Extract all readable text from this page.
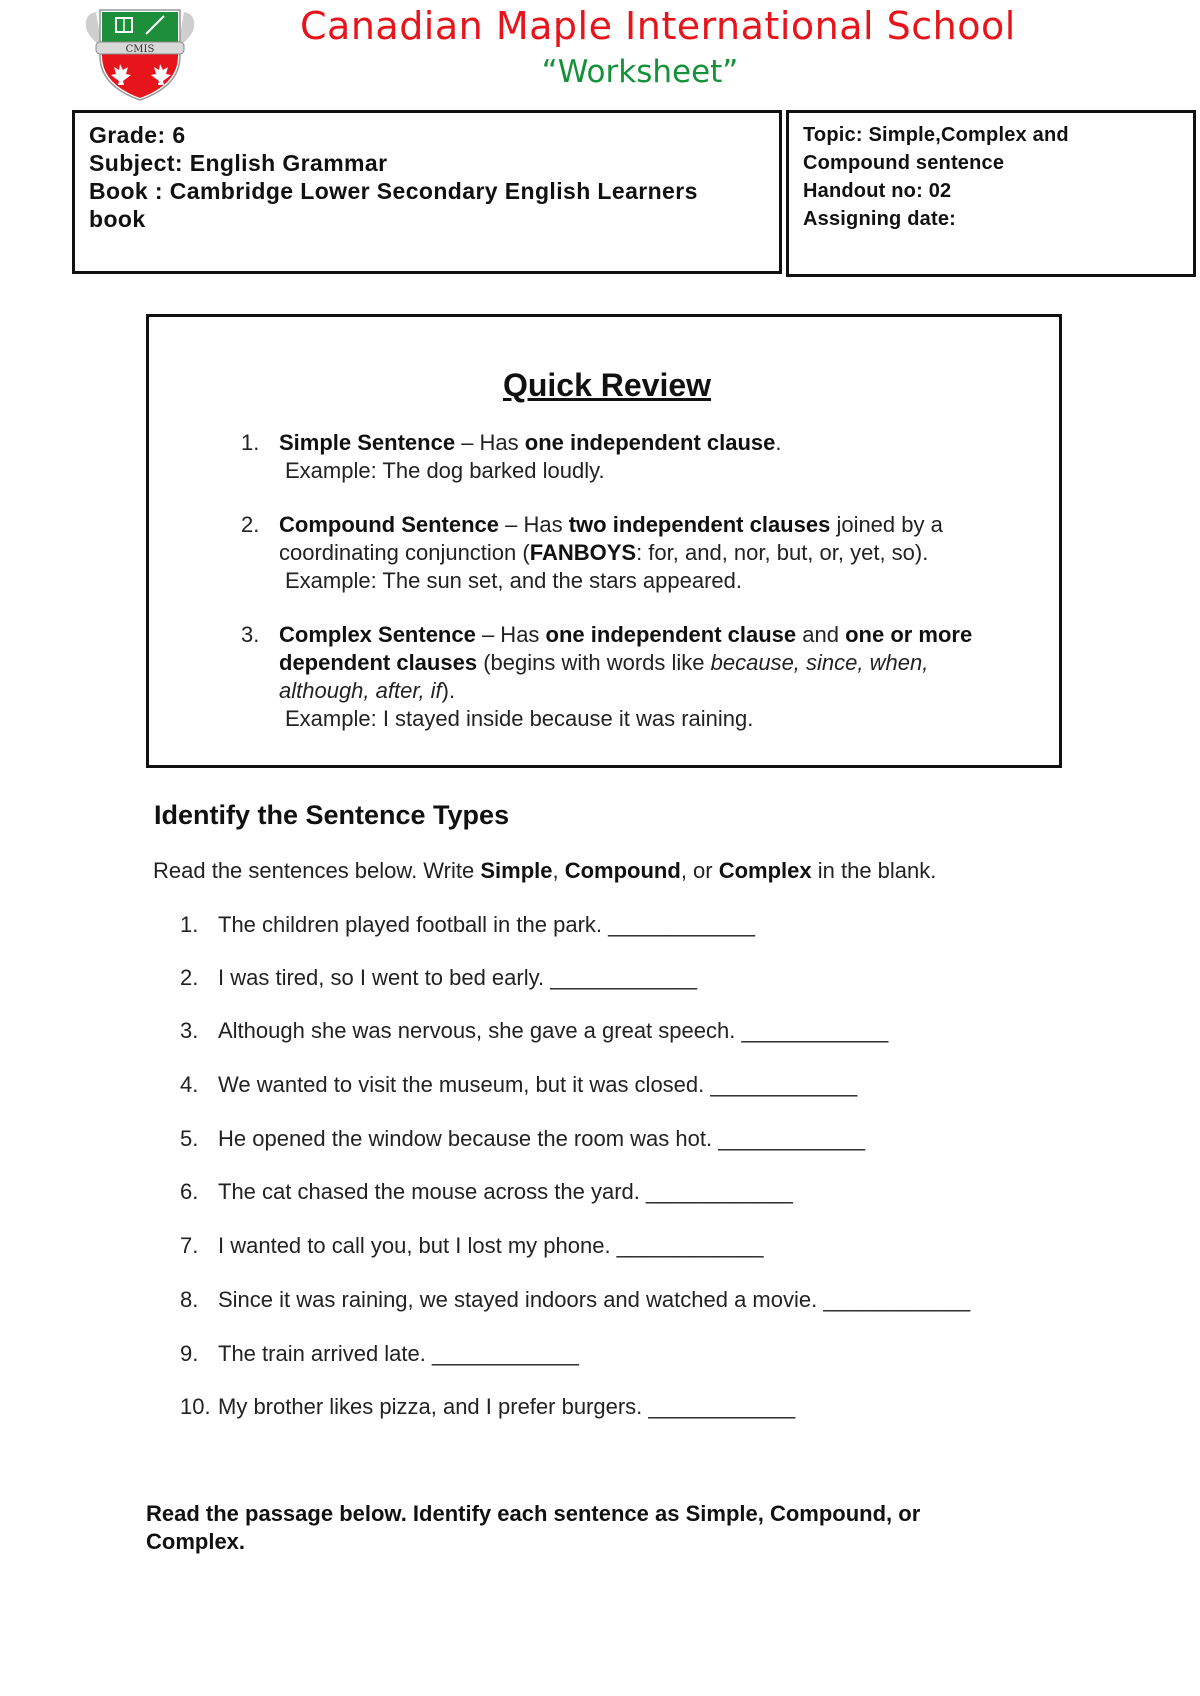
CMIS
Canadian Maple International School
“Worksheet”
Grade: 6
Subject: English Grammar
Book : Cambridge Lower Secondary English Learners
book
Topic: Simple,Complex and
Compound sentence
Handout no: 02
Assigning date:
Quick Review
1. Simple Sentence – Has one independent clause.
Example: The dog barked loudly.
2. Compound Sentence – Has two independent clauses joined by a
coordinating conjunction (FANBOYS: for, and, nor, but, or, yet, so).
Example: The sun set, and the stars appeared.
3. Complex Sentence – Has one independent clause and one or more
dependent clauses (begins with words like because, since, when,
although, after, if).
Example: I stayed inside because it was raining.
Identify the Sentence Types
Read the sentences below. Write Simple, Compound, or Complex in the blank.
1. The children played football in the park. ____________
2. I was tired, so I went to bed early. ____________
3. Although she was nervous, she gave a great speech. ____________
4. We wanted to visit the museum, but it was closed. ____________
5. He opened the window because the room was hot. ____________
6. The cat chased the mouse across the yard. ____________
7. I wanted to call you, but I lost my phone. ____________
8. Since it was raining, we stayed indoors and watched a movie. ____________
9. The train arrived late. ____________
10. My brother likes pizza, and I prefer burgers. ____________
Read the passage below. Identify each sentence as Simple, Compound, or
Complex.
